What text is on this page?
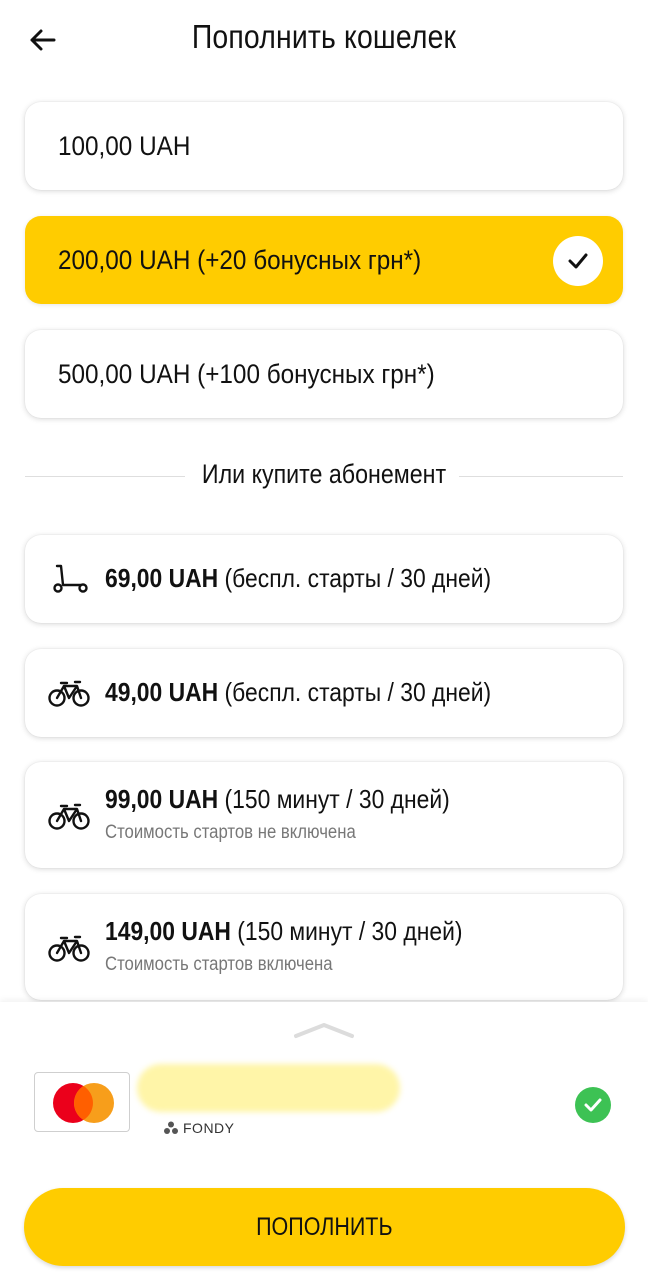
Пополнить кошелек
100,00 UAH
200,00 UAH (+20 бонусных грн*)
500,00 UAH (+100 бонусных грн*)
Или купите абонемент
69,00 UAH (беспл. старты / 30 дней)
49,00 UAH (беспл. старты / 30 дней)
99,00 UAH (150 минут / 30 дней)
Стоимость стартов не включена
149,00 UAH (150 минут / 30 дней)
Стоимость стартов включена
FONDY
ПОПОЛНИТЬ
